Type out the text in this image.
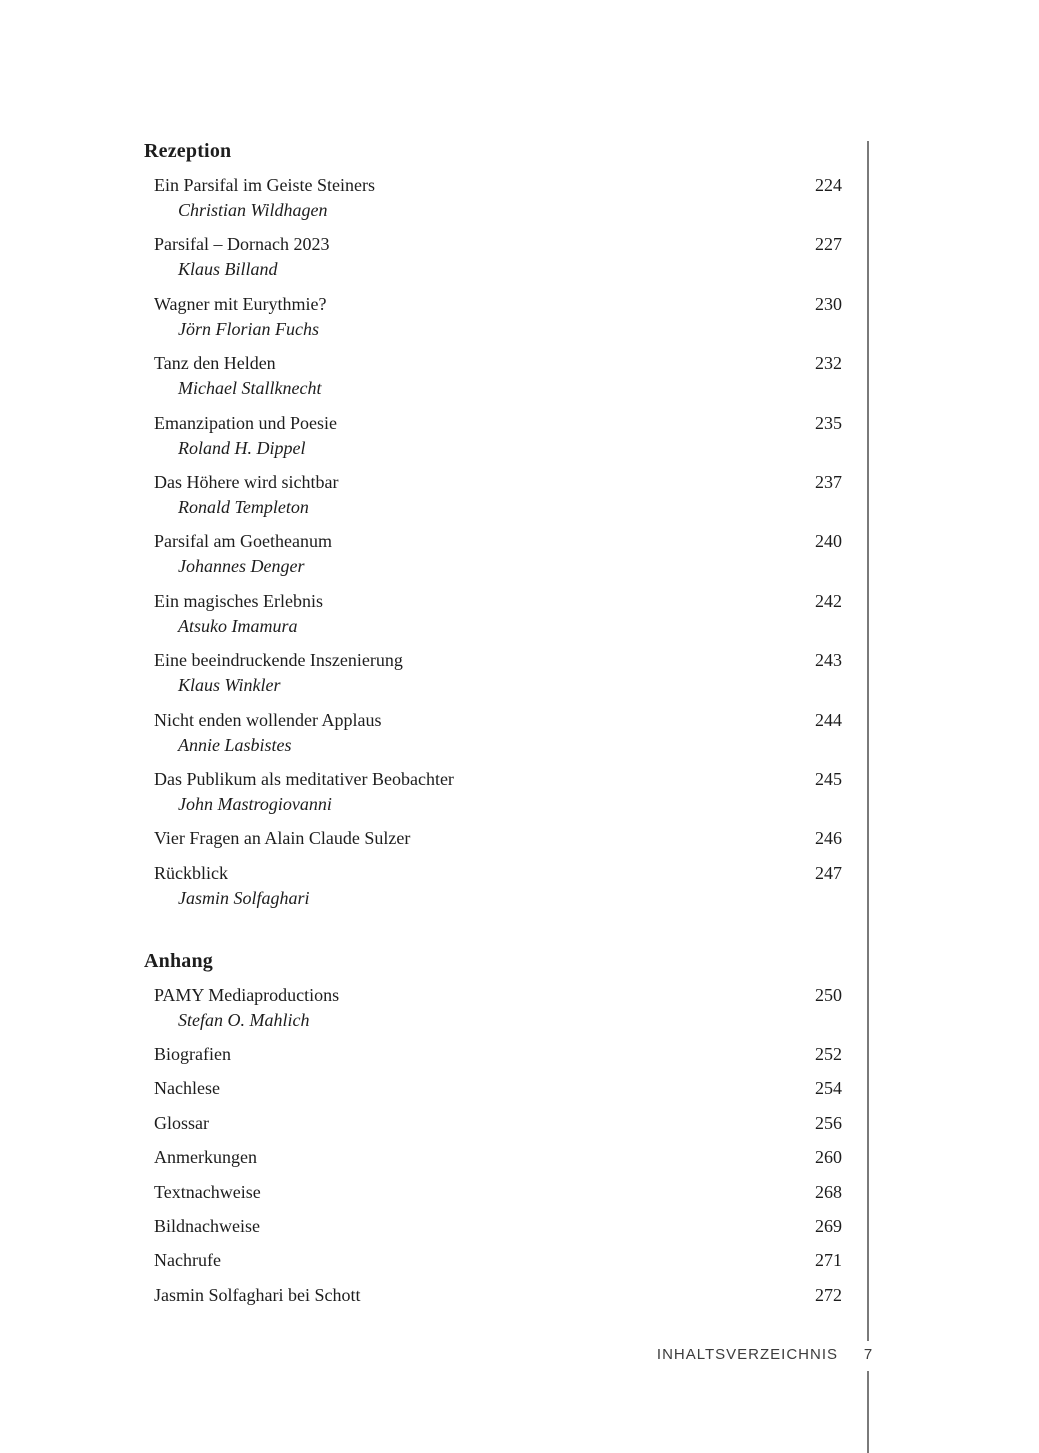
Rezeption
Ein Parsifal im Geiste Steiners	224
Christian Wildhagen
Parsifal – Dornach 2023	227
Klaus Billand
Wagner mit Eurythmie?	230
Jörn Florian Fuchs
Tanz den Helden	232
Michael Stallknecht
Emanzipation und Poesie	235
Roland H. Dippel
Das Höhere wird sichtbar	237
Ronald Templeton
Parsifal am Goetheanum	240
Johannes Denger
Ein magisches Erlebnis	242
Atsuko Imamura
Eine beeindruckende Inszenierung	243
Klaus Winkler
Nicht enden wollender Applaus	244
Annie Lasbistes
Das Publikum als meditativer Beobachter	245
John Mastrogiovanni
Vier Fragen an Alain Claude Sulzer	246
Rückblick	247
Jasmin Solfaghari
Anhang
PAMY Mediaproductions	250
Stefan O. Mahlich
Biografien	252
Nachlese	254
Glossar	256
Anmerkungen	260
Textnachweise	268
Bildnachweise	269
Nachrufe	271
Jasmin Solfaghari bei Schott	272
INHALTSVERZEICHNIS	7
